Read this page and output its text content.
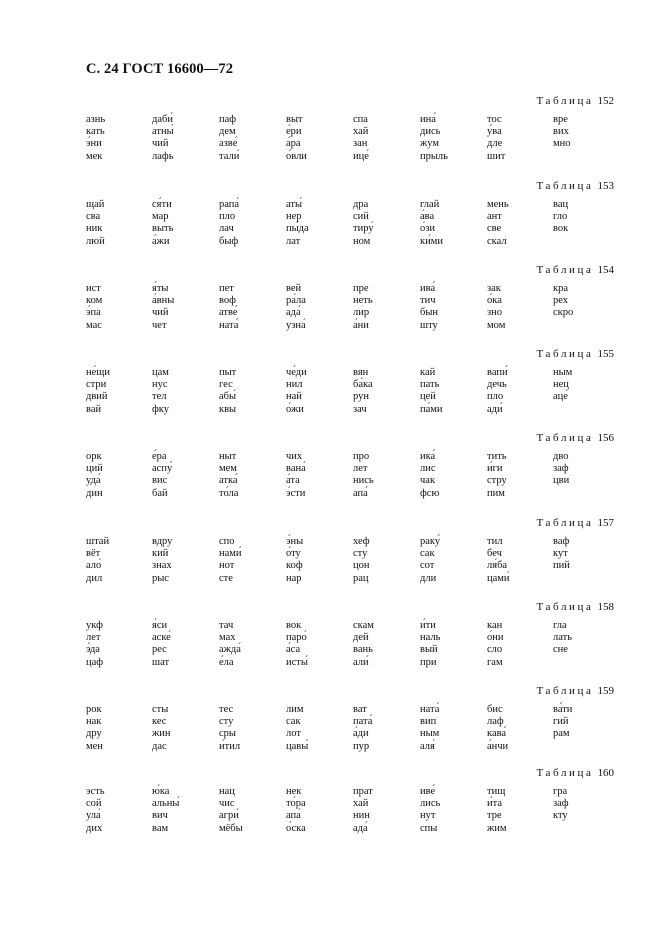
С. 24 ГОСТ 16600—72
Таблица 152
азнь
кать
э́ни
мек
даби́
атны́
чий
лафь
паф
дем
азве́
тали́
выт
е́ри
а́ра
о́вли
спа
хай
зан
ице́
ина́
дись
жум
прыль
тос
у́ва
дле
шит
вре
вих
мно
Таблица 153
щай
сва
ник
люй
ся́ти
мар
выть
а́жи
рапа́
пло
лач
быф
аты́
нер
пы́да
лат
дра
сий
тиру́
ном
глай
а́ва
о́зи
ки́ми
мень
ант
све
скал
вац
гло
вок
Таблица 154
ист
ком
э́па
мас
я́ты
а́вны
чий
чет
пет
воф
атве́
ната́
вей
ра́ла
ада́
узна́
пре
неть
лир
а́ни
ива́
тич
бын
шту
зак
о́ка
зно
мом
кра
рех
скро
Таблица 155
не́щи
стри
двий
вай
цам
нус
тел
фку
пыт
гес
абы́
квы
че́ди
нил
най
о́жи
вян
ба́ка
рун
зач
кай
пать
цей
па́ми
вапи́
дечь
пло
ади́
ным
нец
аце́
Таблица 156
орк
ций
уда́
дин
е́ра
аспу́
вис
бай
ныт
мем
атка́
то́ла
чих
вана́
а́та
э́сти
про
лет
нись
апа́
ика́
лис
чак
фсю
тить
и́ги
стру
пим
дво
заф
цви
Таблица 157
штай
вёт
ало́
дил
вдру
кий
знах
рыс
спо
нами́
нот
сте
э́ны
о́ту
коф
нар
хеф
сту
цон
рац
раку́
сак
сот
дли
тил
беч
ля́ба
цами́
ваф
кут
пий
Таблица 158
укф
лет
э́да
цаф
я́си
аске́
рес
шат
тач
мах
ажда́
е́ла
вок
паро́
а́са
исты́
скам
дей
вань
али́
и́ти
наль
вый
при
кан
о́ни
сло
гам
гла
лать
сне
Таблица 159
рок
нак
дру
мен
сты
кес
жин
дас
тес
сту
сры
и́тил
лим
сак
лот
цавы́
ват
пата́
а́ди
пур
ната́
вип
ным
аля́
бис
лаф
кава́
а́нчи
ва́ти
гий
рам
Таблица 160
эсть
сой
ула́
дих
ю́ка
альны́
вич
вам
нац
чис
агри́
мёбы
нек
то́ра
апа́
о́ска
прат
хай
нин
ада́
иве́
лись
нут
спы
тищ
и́та
тре
жим
гра
заф
кту
